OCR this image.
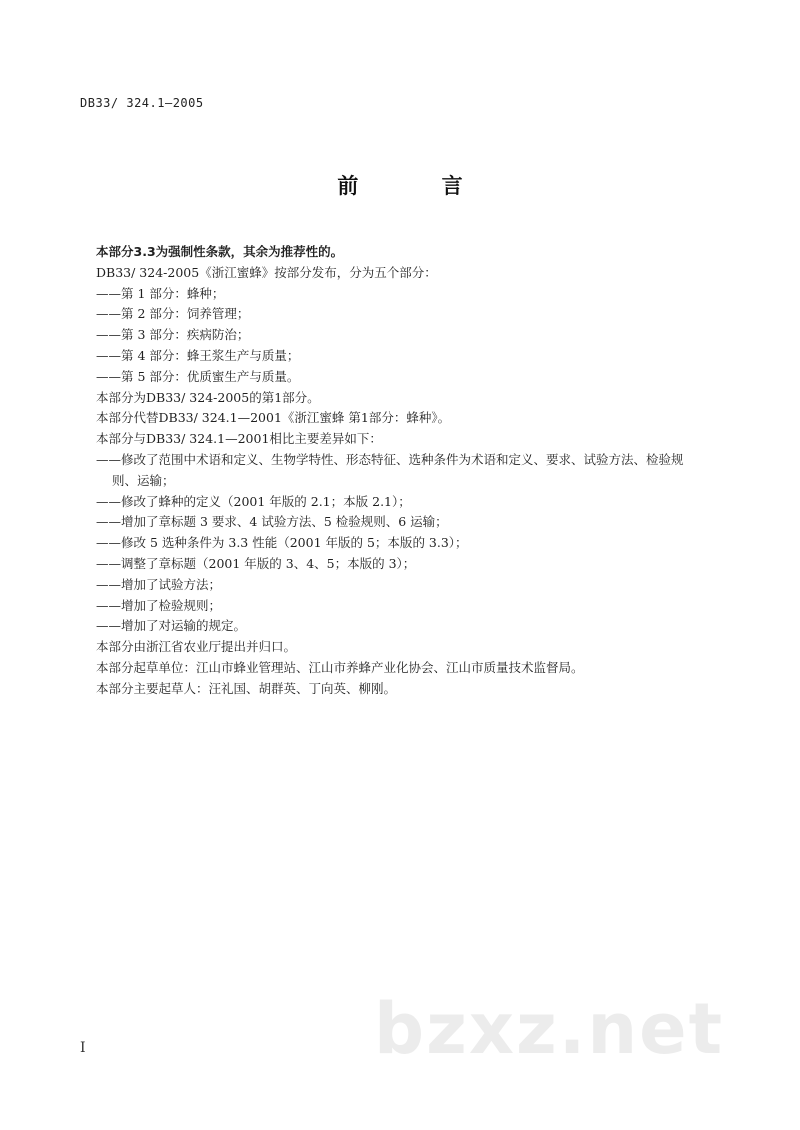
DB33/ 324.1—2005
前 言
本部分3.3为强制性条款，其余为推荐性的。
DB33/ 324-2005《浙江蜜蜂》按部分发布，分为五个部分：
——第 1 部分：蜂种；
——第 2 部分：饲养管理；
——第 3 部分：疾病防治；
——第 4 部分：蜂王浆生产与质量；
——第 5 部分：优质蜜生产与质量。
本部分为DB33/ 324-2005的第1部分。
本部分代替DB33/ 324.1—2001《浙江蜜蜂 第1部分：蜂种》。
本部分与DB33/ 324.1—2001相比主要差异如下：
——修改了范围中术语和定义、生物学特性、形态特征、选种条件为术语和定义、要求、试验方法、检验规则、运输；
——修改了蜂种的定义（2001 年版的 2.1；本版 2.1）；
——增加了章标题 3 要求、4 试验方法、5 检验规则、6 运输；
——修改 5 选种条件为 3.3 性能（2001 年版的 5；本版的 3.3）；
——调整了章标题（2001 年版的 3、4、5；本版的 3）；
——增加了试验方法；
——增加了检验规则；
——增加了对运输的规定。
本部分由浙江省农业厅提出并归口。
本部分起草单位：江山市蜂业管理站、江山市养蜂产业化协会、江山市质量技术监督局。
本部分主要起草人：汪礼国、胡群英、丁向英、柳刚。
bzxz.net
I
